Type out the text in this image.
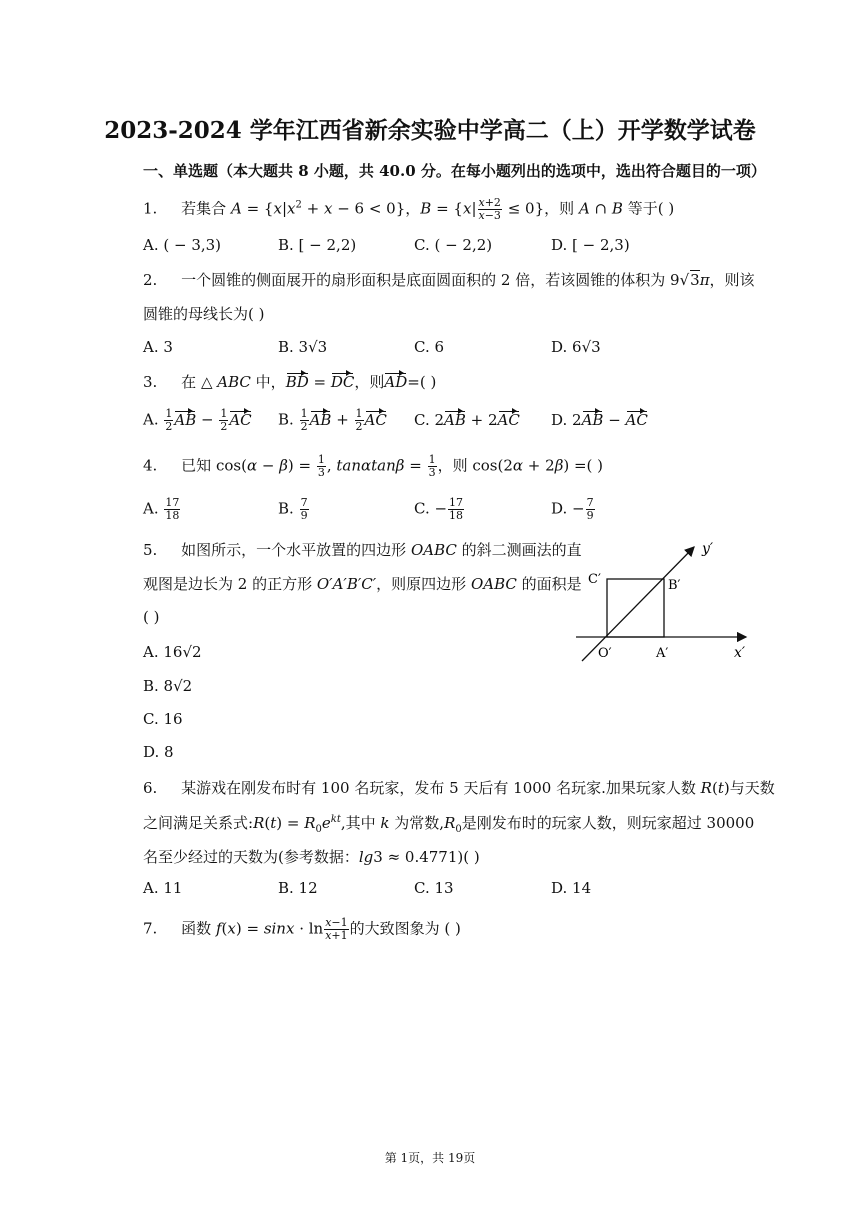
2023-2024 学年江西省新余实验中学高二（上）开学数学试卷
一、单选题（本大题共 8 小题，共 40.0 分。在每小题列出的选项中，选出符合题目的一项）
1. 若集合 $A = \{x|x^2 + x - 6 < 0\}$，$B = \{x| \frac{x+2}{x-3} \le 0\}$，则 A ∩ B 等于( )
A. ( − 3,3)	B. [ − 2,2)	C. ( − 2,2)	D. [ − 2,3)
2. 一个圆锥的侧面展开的扇形面积是底面圆面积的 2 倍，若该圆锥的体积为 9√3π，则该
圆锥的母线长为( )
A. 3	B. 3√3	C. 6	D. 6√3
3. 在 △ ABC 中，BD = DC，则AD=( )
A. $\frac{1}{2}$ AB − $\frac{1}{2}$ AC B. $\frac{1}{2}$ AB + $\frac{1}{2}$ AC C. 2AB + 2AC D. 2AB − AC
4. 已知 $\cos(\alpha - \beta) = \frac{1}{3}$ , $\tan\alpha\tan\beta = \frac{1}{3}$ ，则 cos(2α + 2β) =( )
A. $\frac{17}{18}$	B. $\frac{7}{9}$	C. − $\frac{17}{18}$	D. − $\frac{7}{9}$
5. 如图所示，一个水平放置的四边形 OABC 的斜二测画法的直
观图是边长为 2 的正方形 O′A′B′C′，则原四边形 OABC 的面积是
( )
A. 16√2
B. 8√2
C. 16
D. 8
y′
C′	B′
O′	A′	x′
6. 某游戏在刚发布时有 100 名玩家，发布 5 天后有 1000 名玩家.加果玩家人数 R(t)与天数
之间满足关系式:R(t) = $R_0e^{kt}$,其中 k 为常数$,R_0$是刚发布时的玩家人数，则玩家超过 30000
名至少经过的天数为(参考数据：lg3 ≈ 0.4771)( )
A. 11	B. 12	C. 13	D. 14
7. 函数 $f(x) = \sin x \cdot \ln \frac{x-1}{x+1}$ 的大致图象为 ( )
第 1页，共 19页
